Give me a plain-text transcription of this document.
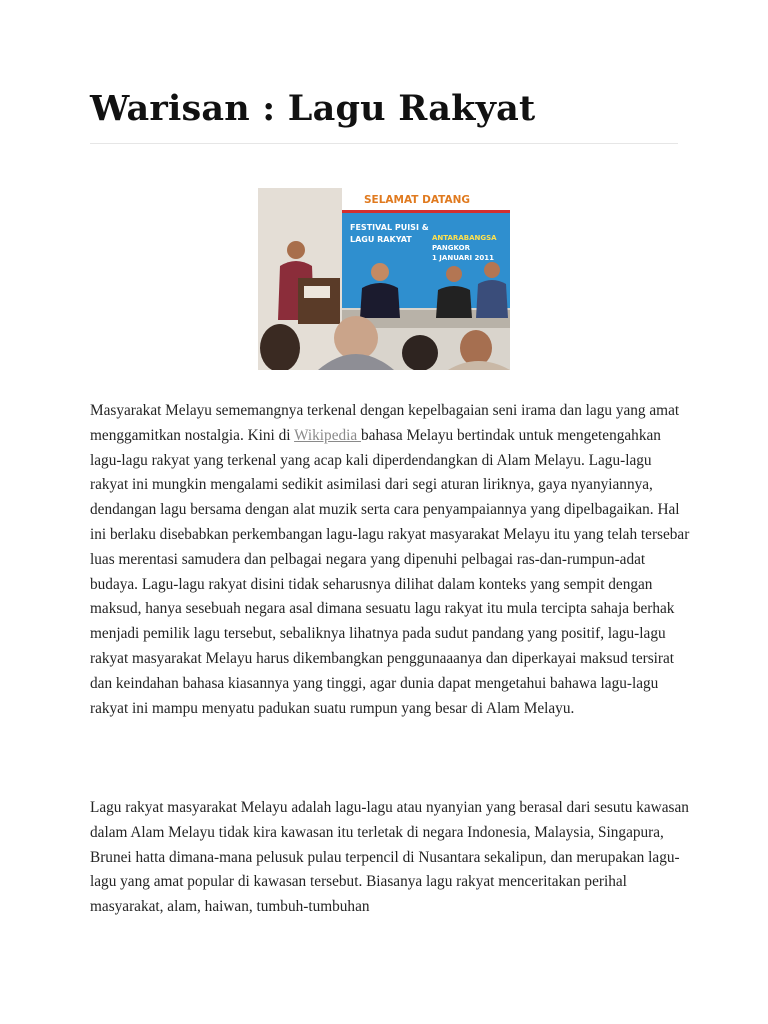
Warisan : Lagu Rakyat
SELAMAT DATANG
FESTIVAL PUISI &
LAGU RAKYAT	ANTARABANGSA
PANGKOR
1 JANUARI 2011

Masyarakat Melayu sememangnya terkenal dengan kepelbagaian seni irama dan lagu yang amat menggamitkan nostalgia. Kini di Wikipedia bahasa Melayu bertindak untuk mengetengahkan lagu-lagu rakyat yang terkenal yang acap kali diperdendangkan di Alam Melayu. Lagu-lagu rakyat ini mungkin mengalami sedikit asimilasi dari segi aturan liriknya, gaya nyanyiannya, dendangan lagu bersama dengan alat muzik serta cara penyampaiannya yang dipelbagaikan. Hal ini berlaku disebabkan perkembangan lagu-lagu rakyat masyarakat Melayu itu yang telah tersebar luas merentasi samudera dan pelbagai negara yang dipenuhi pelbagai ras-dan-rumpun-adat budaya. Lagu-lagu rakyat disini tidak seharusnya dilihat dalam konteks yang sempit dengan maksud, hanya sesebuah negara asal dimana sesuatu lagu rakyat itu mula tercipta sahaja berhak menjadi pemilik lagu tersebut, sebaliknya lihatnya pada sudut pandang yang positif, lagu-lagu rakyat masyarakat Melayu harus dikembangkan penggunaaanya dan diperkayai maksud tersirat dan keindahan bahasa kiasannya yang tinggi, agar dunia dapat mengetahui bahawa lagu-lagu rakyat ini mampu menyatu padukan suatu rumpun yang besar di Alam Melayu.

Lagu rakyat masyarakat Melayu adalah lagu-lagu atau nyanyian yang berasal dari sesutu kawasan dalam Alam Melayu tidak kira kawasan itu terletak di negara Indonesia, Malaysia, Singapura, Brunei hatta dimana-mana pelusuk pulau terpencil di Nusantara sekalipun, dan merupakan lagu-lagu yang amat popular di kawasan tersebut. Biasanya lagu rakyat menceritakan perihal masyarakat, alam, haiwan, tumbuh-tumbuhan
